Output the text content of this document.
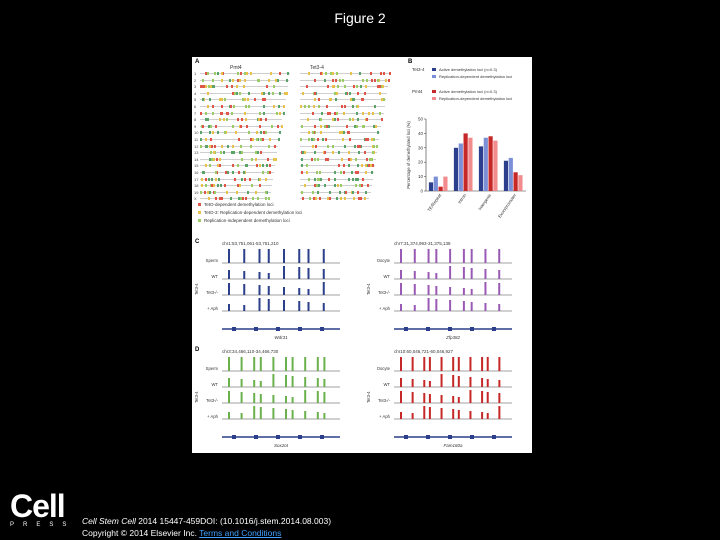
Figure 2
A
Pmt4	Tet3-4
1
2
3
4
5
6
7
8
9
10
11
12
13
14
15
16
17
18
19
X
TetO-dependent demethylation loci
TetO-3: Replication-dependent demethylation loci
Replication-independent demethylation loci
B
Tet3-4	Active demethylation loci (n=0.3)
Replication-dependent demethylation loci
Pmt4	Active demethylation loci (n=0.3)
Replication-dependent demethylation loci
0
10
20
30
40
50
Percentage of demethylated loci (%)
TE/Repeat	Intron Intergenic Exon/promoter
C
D
chr1:53,751,061-53,751,210
Sperm
WT
Tet3-/-
+ Aph
Tet3-4
Wdr31
chr7:31,374,993-31,375,138
Oocyte
WT
Tet3-/-
+ Aph
Tet3-4
Zfp382
chr3:34,466,110-34,466,730
Sperm
WT
Tet3-/-
+ Aph
Tet3-4
Sox2ot
chr10:60,046,721-60,046,927
Oocyte
WT
Tet3-/-
+ Aph
Tet3-4
Fam160a
Cell
PRESS Cell Stem Cell 2014 15447-459DOI: (10.1016/j.stem.2014.08.003)
Copyright © 2014 Elsevier Inc. Terms and Conditions
